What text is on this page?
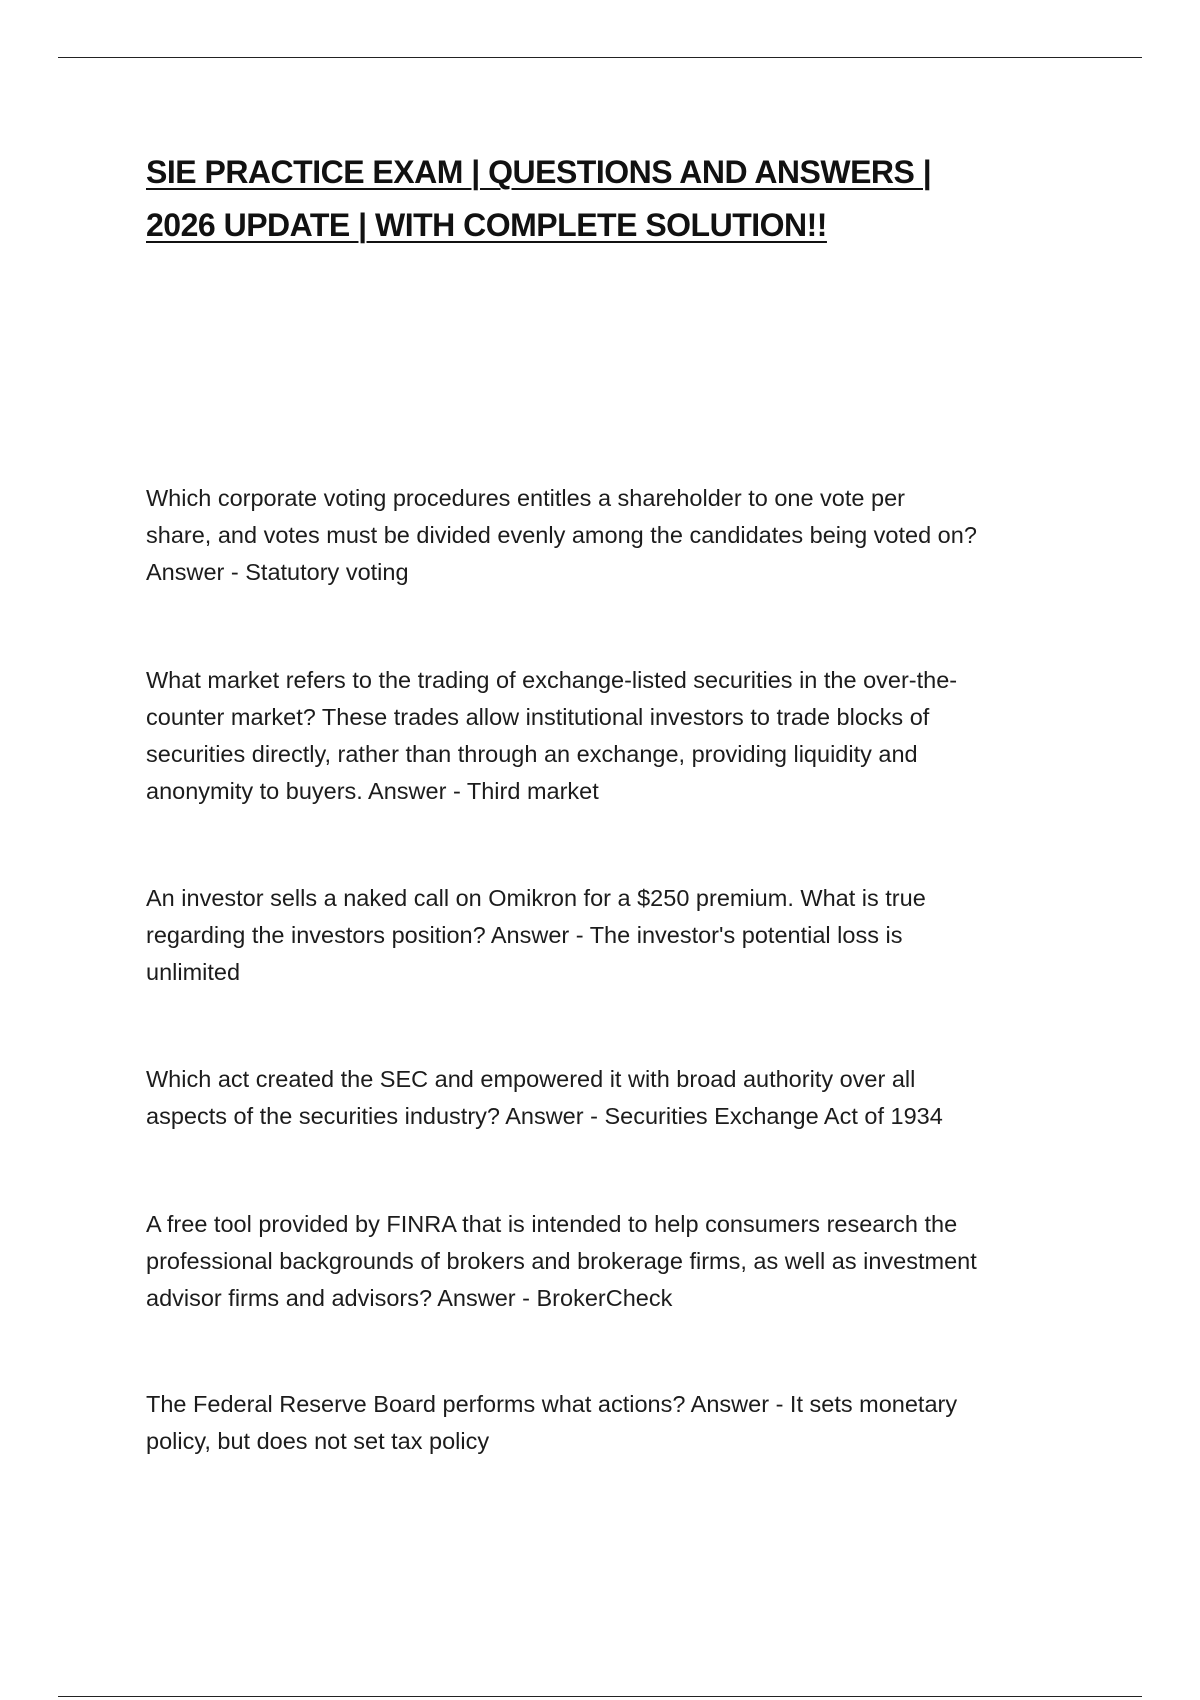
SIE PRACTICE EXAM | QUESTIONS AND ANSWERS |
2026 UPDATE | WITH COMPLETE SOLUTION!!

Which corporate voting procedures entitles a shareholder to one vote per
share, and votes must be divided evenly among the candidates being voted on?
Answer - Statutory voting

What market refers to the trading of exchange-listed securities in the over-the-
counter market? These trades allow institutional investors to trade blocks of
securities directly, rather than through an exchange, providing liquidity and
anonymity to buyers. Answer - Third market

An investor sells a naked call on Omikron for a $250 premium. What is true
regarding the investors position? Answer - The investor's potential loss is
unlimited

Which act created the SEC and empowered it with broad authority over all
aspects of the securities industry? Answer - Securities Exchange Act of 1934

A free tool provided by FINRA that is intended to help consumers research the
professional backgrounds of brokers and brokerage firms, as well as investment
advisor firms and advisors? Answer - BrokerCheck

The Federal Reserve Board performs what actions? Answer - It sets monetary
policy, but does not set tax policy
